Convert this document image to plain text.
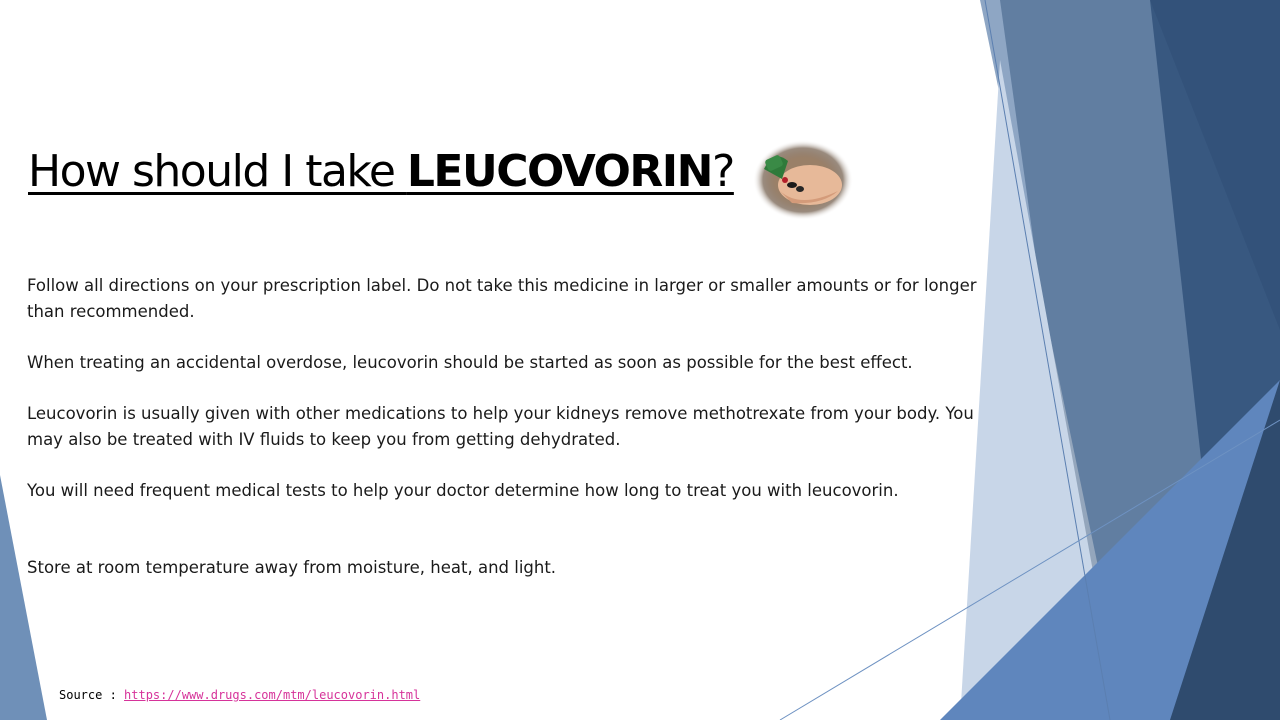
How should I take LEUCOVORIN?

Follow all directions on your prescription label. Do not take this medicine in larger or smaller amounts or for longer than recommended.

When treating an accidental overdose, leucovorin should be started as soon as possible for the best effect.

Leucovorin is usually given with other medications to help your kidneys remove methotrexate from your body. You may also be treated with IV fluids to keep you from getting dehydrated.

You will need frequent medical tests to help your doctor determine how long to treat you with leucovorin.

Store at room temperature away from moisture, heat, and light.

Source : https://www.drugs.com/mtm/leucovorin.html
